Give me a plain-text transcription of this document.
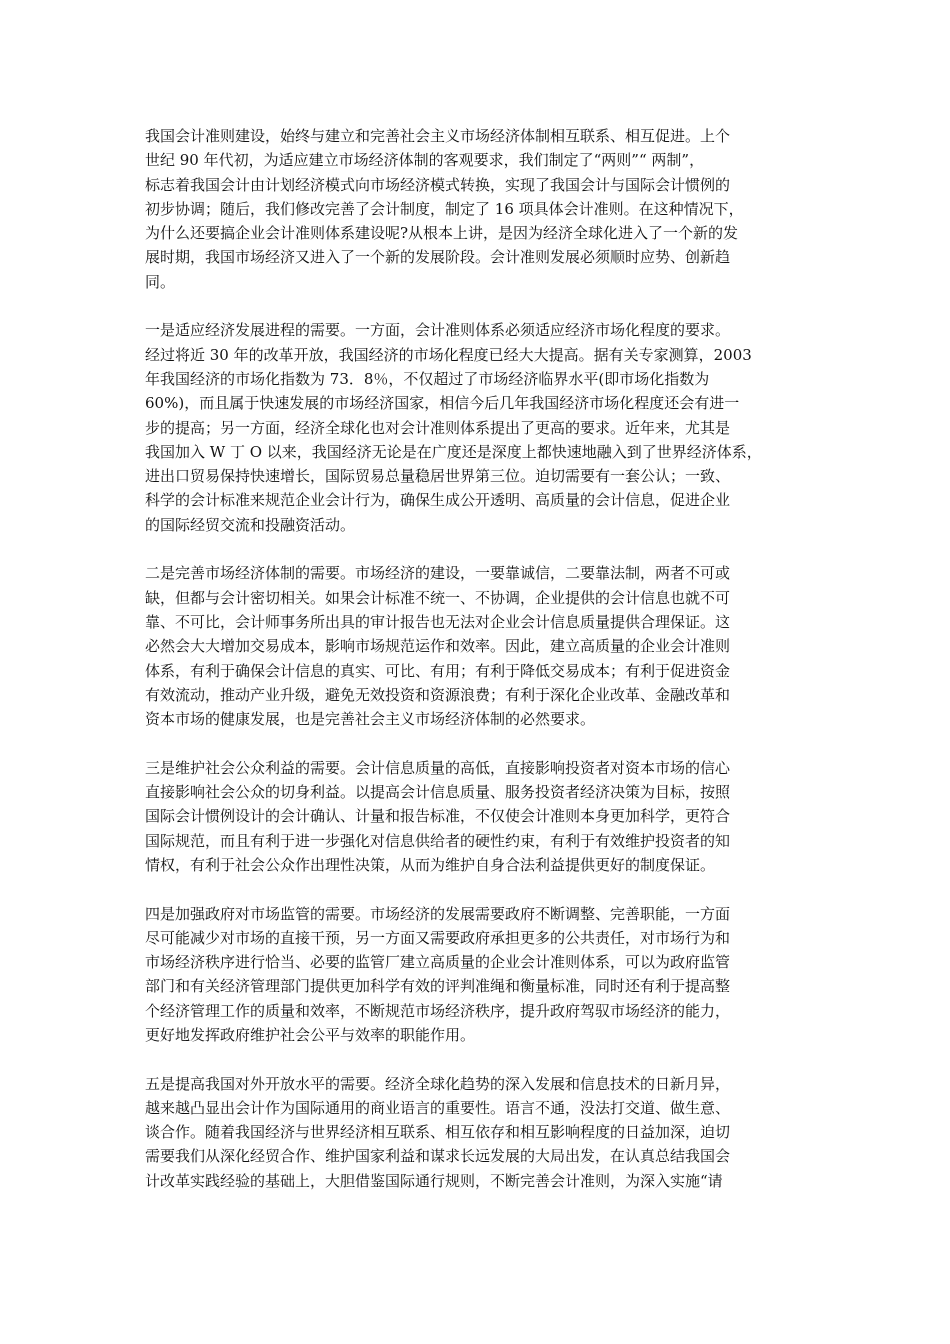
我国会计准则建设，始终与建立和完善社会主义市场经济体制相互联系、相互促进。上个
世纪 90 年代初，为适应建立市场经济体制的客观要求，我们制定了“两则”“ 两制”，
标志着我国会计由计划经济模式向市场经济模式转换，实现了我国会计与国际会计惯例的
初步协调；随后，我们修改完善了会计制度，制定了 16 项具体会计准则。在这种情况下，
为什么还要搞企业会计准则体系建设呢?从根本上讲，是因为经济全球化进入了一个新的发
展时期，我国市场经济又进入了一个新的发展阶段。会计准则发展必须顺时应势、创新趋
同。
一是适应经济发展进程的需要。一方面，会计准则体系必须适应经济市场化程度的要求。
经过将近 30 年的改革开放，我国经济的市场化程度已经大大提高。据有关专家测算，2003
年我国经济的市场化指数为 73．8％，不仅超过了市场经济临界水平(即市场化指数为
60%)，而且属于快速发展的市场经济国家，相信今后几年我国经济市场化程度还会有进一
步的提高；另一方面，经济全球化也对会计准则体系提出了更高的要求。近年来，尤其是
我国加入 W 丁 O 以来，我国经济无论是在广度还是深度上都快速地融入到了世界经济体系，
进出口贸易保持快速增长，国际贸易总量稳居世界第三位。迫切需要有一套公认；一致、
科学的会计标准来规范企业会计行为，确保生成公开透明、高质量的会计信息，促进企业
的国际经贸交流和投融资活动。
二是完善市场经济体制的需要。市场经济的建设，一要靠诚信，二要靠法制，两者不可或
缺，但都与会计密切相关。如果会计标准不统一、不协调，企业提供的会计信息也就不可
靠、不可比，会计师事务所出具的审计报告也无法对企业会计信息质量提供合理保证。这
必然会大大增加交易成本，影响市场规范运作和效率。因此，建立高质量的企业会计准则
体系，有利于确保会计信息的真实、可比、有用；有利于降低交易成本；有利于促进资金
有效流动，推动产业升级，避免无效投资和资源浪费；有利于深化企业改革、金融改革和
资本市场的健康发展，也是完善社会主义市场经济体制的必然要求。
三是维护社会公众利益的需要。会计信息质量的高低，直接影响投资者对资本市场的信心
直接影响社会公众的切身利益。以提高会计信息质量、服务投资者经济决策为目标，按照
国际会计惯例设计的会计确认、计量和报告标准，不仅使会计准则本身更加科学，更符合
国际规范，而且有利于进一步强化对信息供给者的硬性约束，有利于有效维护投资者的知
情权，有利于社会公众作出理性决策，从而为维护自身合法利益提供更好的制度保证。
四是加强政府对市场监管的需要。市场经济的发展需要政府不断调整、完善职能，一方面
尽可能减少对市场的直接干预，另一方面又需要政府承担更多的公共责任，对市场行为和
市场经济秩序进行恰当、必要的监管厂建立高质量的企业会计准则体系，可以为政府监管
部门和有关经济管理部门提供更加科学有效的评判准绳和衡量标准，同时还有利于提高整
个经济管理工作的质量和效率，不断规范市场经济秩序，提升政府驾驭市场经济的能力，
更好地发挥政府维护社会公平与效率的职能作用。
五是提高我国对外开放水平的需要。经济全球化趋势的深入发展和信息技术的日新月异，
越来越凸显出会计作为国际通用的商业语言的重要性。语言不通，没法打交道、做生意、
谈合作。随着我国经济与世界经济相互联系、相互依存和相互影响程度的日益加深，迫切
需要我们从深化经贸合作、维护国家利益和谋求长远发展的大局出发，在认真总结我国会
计改革实践经验的基础上，大胆借鉴国际通行规则，不断完善会计准则，为深入实施“请
